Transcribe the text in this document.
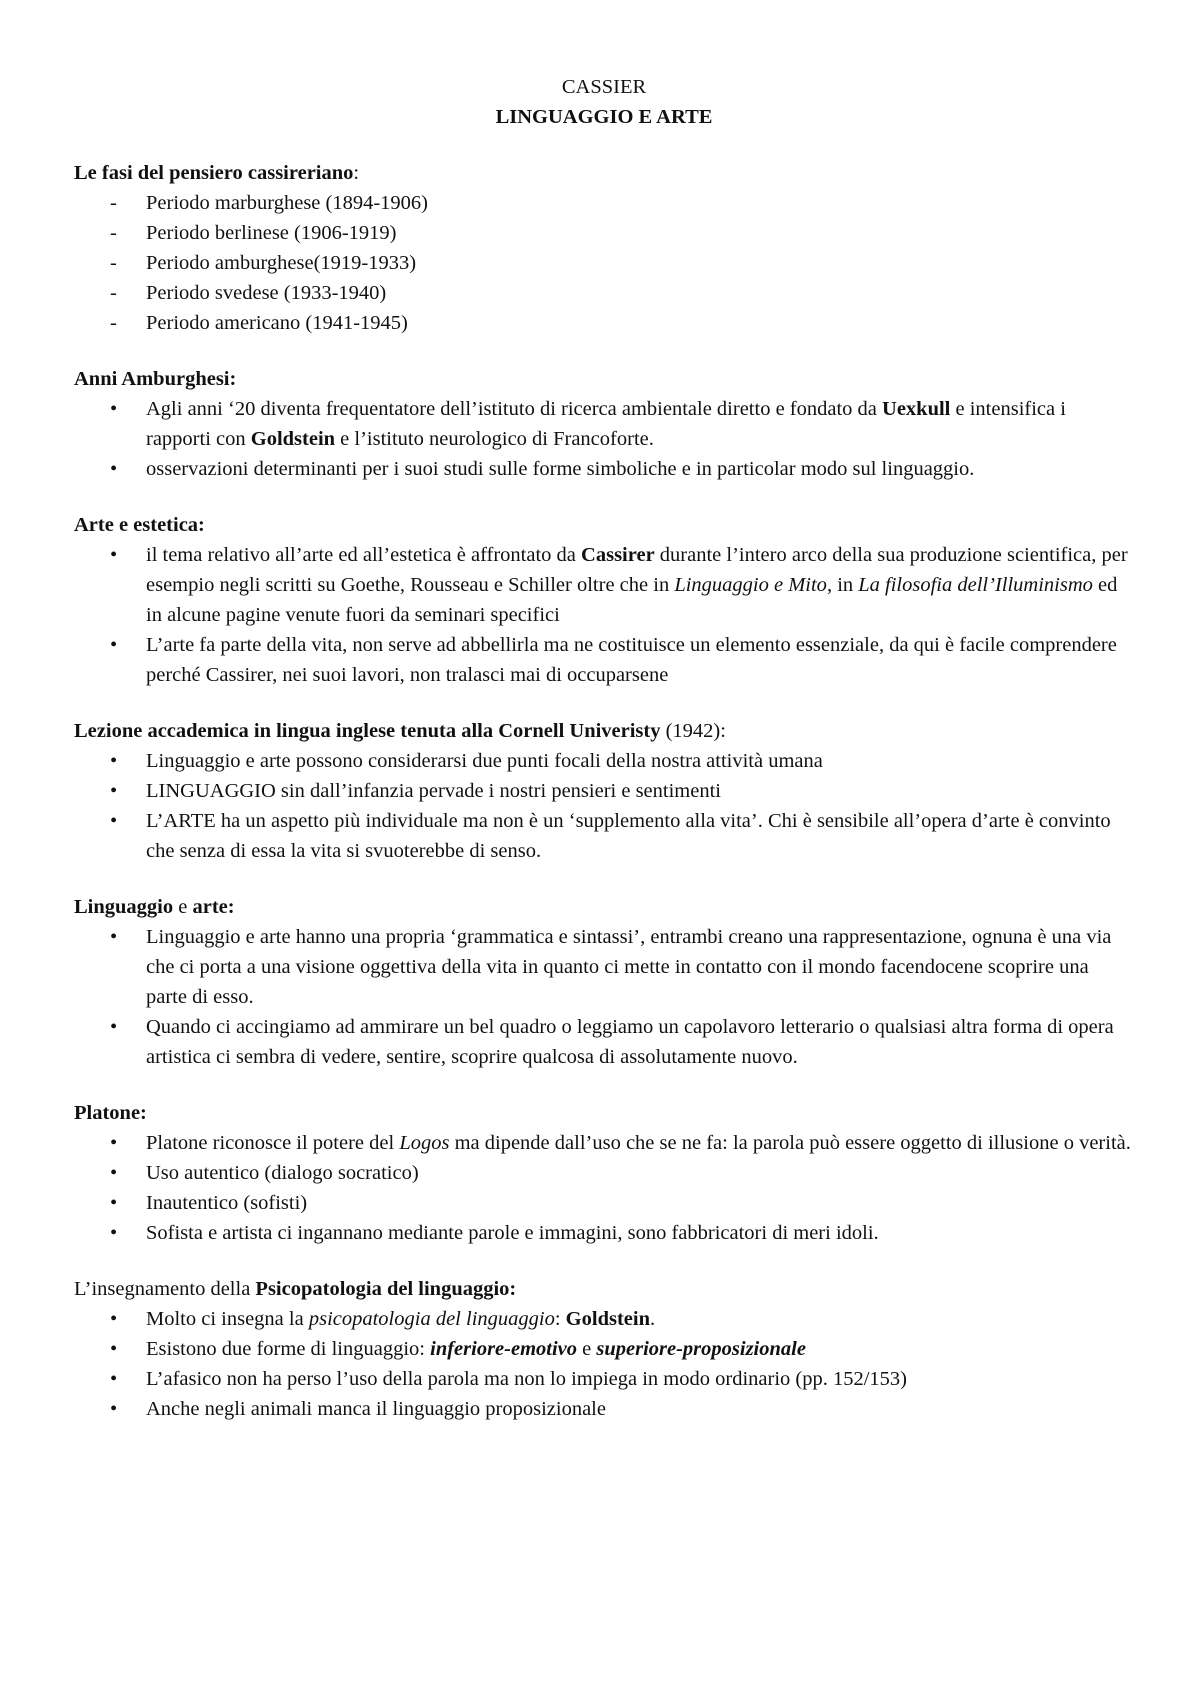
CASSIER
LINGUAGGIO E ARTE

Le fasi del pensiero cassireriano:

- Periodo marburghese (1894-1906)
- Periodo berlinese (1906-1919)
- Periodo amburghese(1919-1933)
- Periodo svedese (1933-1940)
- Periodo americano (1941-1945)

Anni Amburghesi:

• Agli anni ‘20 diventa frequentatore dell’istituto di ricerca ambientale diretto e fondato da Uexkull e intensifica i rapporti con Goldstein e l’istituto neurologico di Francoforte.
• osservazioni determinanti per i suoi studi sulle forme simboliche e in particolar modo sul linguaggio.

Arte e estetica:

• il tema relativo all’arte ed all’estetica è affrontato da Cassirer durante l’intero arco della sua produzione scientifica, per esempio negli scritti su Goethe, Rousseau e Schiller oltre che in Linguaggio e Mito, in La filosofia dell’Illuminismo ed in alcune pagine venute fuori da seminari specifici
• L’arte fa parte della vita, non serve ad abbellirla ma ne costituisce un elemento essenziale, da qui è facile comprendere perché Cassirer, nei suoi lavori, non tralasci mai di occuparsene

Lezione accademica in lingua inglese tenuta alla Cornell Univeristy (1942):

• Linguaggio e arte possono considerarsi due punti focali della nostra attività umana
• LINGUAGGIO sin dall’infanzia pervade i nostri pensieri e sentimenti
• L’ARTE ha un aspetto più individuale ma non è un ‘supplemento alla vita’. Chi è sensibile all’opera d’arte è convinto che senza di essa la vita si svuoterebbe di senso.

Linguaggio e arte:

• Linguaggio e arte hanno una propria ‘grammatica e sintassi’, entrambi creano una rappresentazione, ognuna è una via che ci porta a una visione oggettiva della vita in quanto ci mette in contatto con il mondo facendocene scoprire una parte di esso.
• Quando ci accingiamo ad ammirare un bel quadro o leggiamo un capolavoro letterario o qualsiasi altra forma di opera artistica ci sembra di vedere, sentire, scoprire qualcosa di assolutamente nuovo.

Platone:

• Platone riconosce il potere del Logos ma dipende dall’uso che se ne fa: la parola può essere oggetto di illusione o verità.
• Uso autentico (dialogo socratico)
• Inautentico (sofisti)
• Sofista e artista ci ingannano mediante parole e immagini, sono fabbricatori di meri idoli.

L’insegnamento della Psicopatologia del linguaggio:

• Molto ci insegna la psicopatologia del linguaggio: Goldstein.
• Esistono due forme di linguaggio: inferiore-emotivo e superiore-proposizionale
• L’afasico non ha perso l’uso della parola ma non lo impiega in modo ordinario (pp. 152/153)
• Anche negli animali manca il linguaggio proposizionale
